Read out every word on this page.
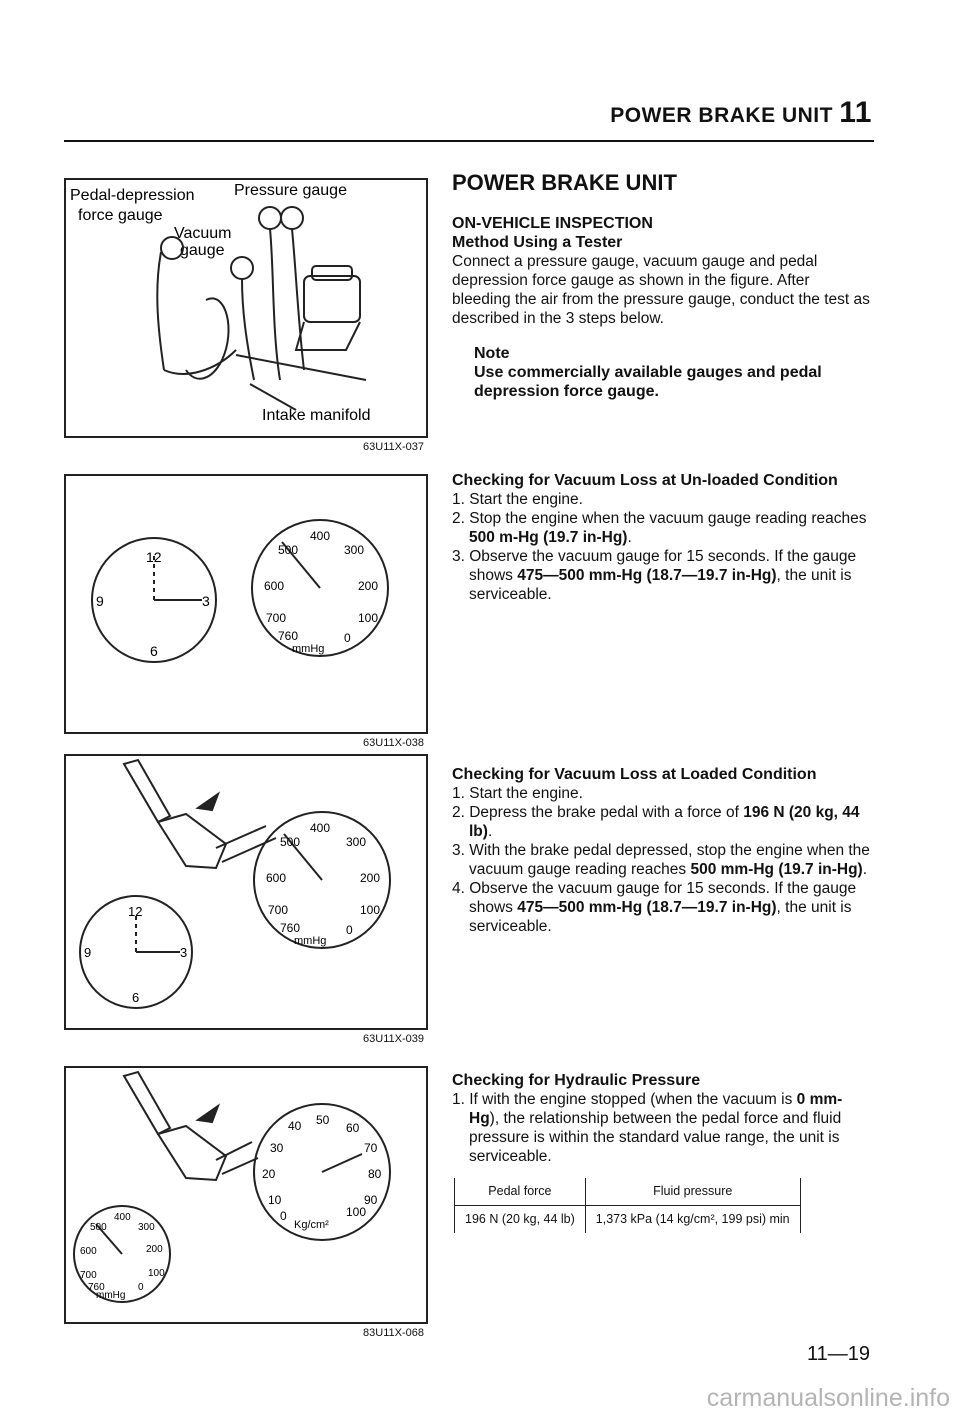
POWER BRAKE UNIT 11
Pedal-depression
force gauge
Pressure gauge
Vacuum
gauge
Intake manifold
63U11X-037
12
3
6
9
400
500	300
600	200
700	100
760	0
mmHg
63U11X-038
12
3
6
9
400
500	300
600	200
700	100
760	0
mmHg
63U11X-039
400
500	300
600	200
700	100
760	0
mmHg
40 50
60
30	70
20	80
10	90
0	100
Kg/cm²
83U11X-068
POWER BRAKE UNIT
ON-VEHICLE INSPECTION
Method Using a Tester

Connect a pressure gauge, vacuum gauge and pedal depression force gauge as shown in the figure. After bleeding the air from the pressure gauge, conduct the test as described in the 3 steps below.

Note
Use commercially available gauges and pedal depression force gauge.
Checking for Vacuum Loss at Un-loaded Condition
1. Start the engine.
2. Stop the engine when the vacuum gauge reading reaches 500 m-Hg (19.7 in-Hg).
3. Observe the vacuum gauge for 15 seconds. If the gauge shows 475—500 mm-Hg (18.7—19.7 in-Hg), the unit is serviceable.
Checking for Vacuum Loss at Loaded Condition
1. Start the engine.
2. Depress the brake pedal with a force of 196 N (20 kg, 44 lb).
3. With the brake pedal depressed, stop the engine when the vacuum gauge reading reaches 500 mm-Hg (19.7 in-Hg).
4. Observe the vacuum gauge for 15 seconds. If the gauge shows 475—500 mm-Hg (18.7—19.7 in-Hg), the unit is serviceable.
Checking for Hydraulic Pressure
1. If with the engine stopped (when the vacuum is 0 mm-Hg), the relationship between the pedal force and fluid pressure is within the standard value range, the unit is serviceable.
Pedal force	Fluid pressure
196 N (20 kg, 44 lb)	1,373 kPa (14 kg/cm², 199 psi) min
11—19
carmanualsonline.info
